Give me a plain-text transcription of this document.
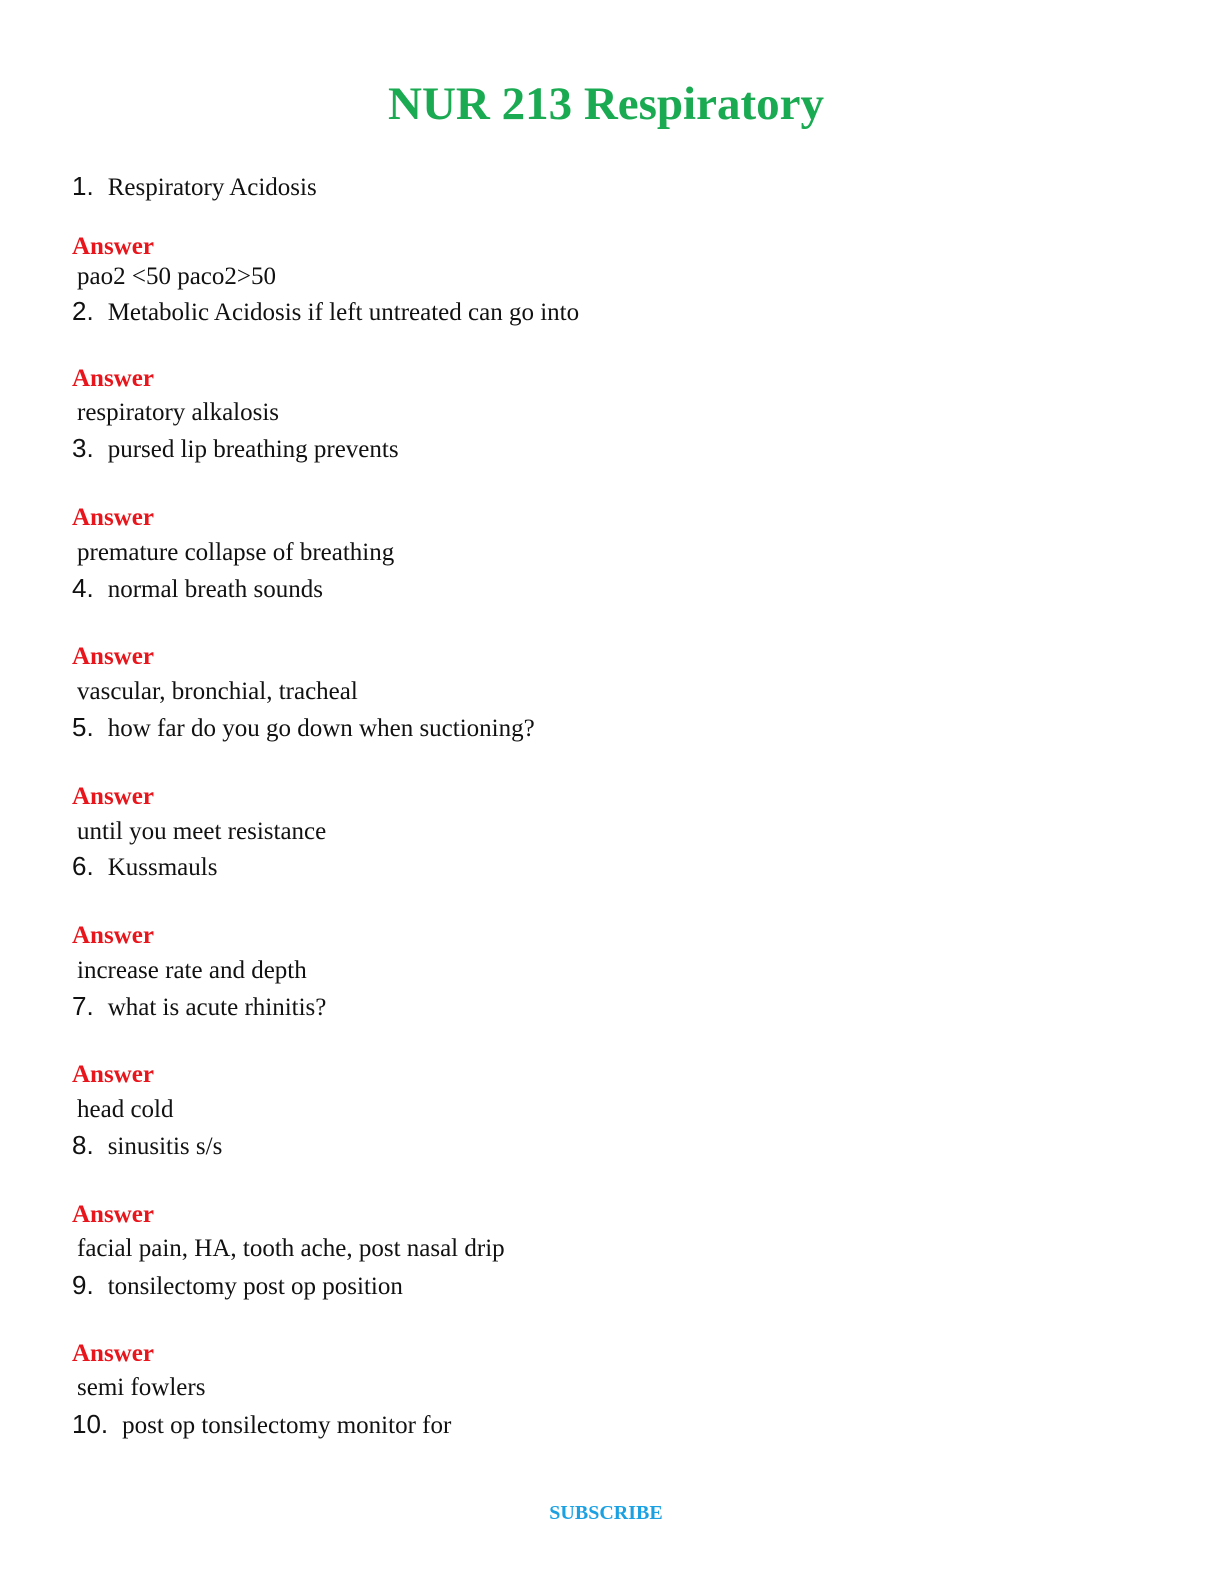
NUR 213 Respiratory
1. Respiratory Acidosis
Answer
pao2 <50 paco2>50
2. Metabolic Acidosis if left untreated can go into
Answer
respiratory alkalosis
3. pursed lip breathing prevents
Answer
premature collapse of breathing
4. normal breath sounds
Answer
vascular, bronchial, tracheal
5. how far do you go down when suctioning?
Answer
until you meet resistance
6. Kussmauls
Answer
increase rate and depth
7. what is acute rhinitis?
Answer
head cold
8. sinusitis s/s
Answer
facial pain, HA, tooth ache, post nasal drip
9. tonsilectomy post op position
Answer
semi fowlers
10. post op tonsilectomy monitor for
SUBSCRIBE
